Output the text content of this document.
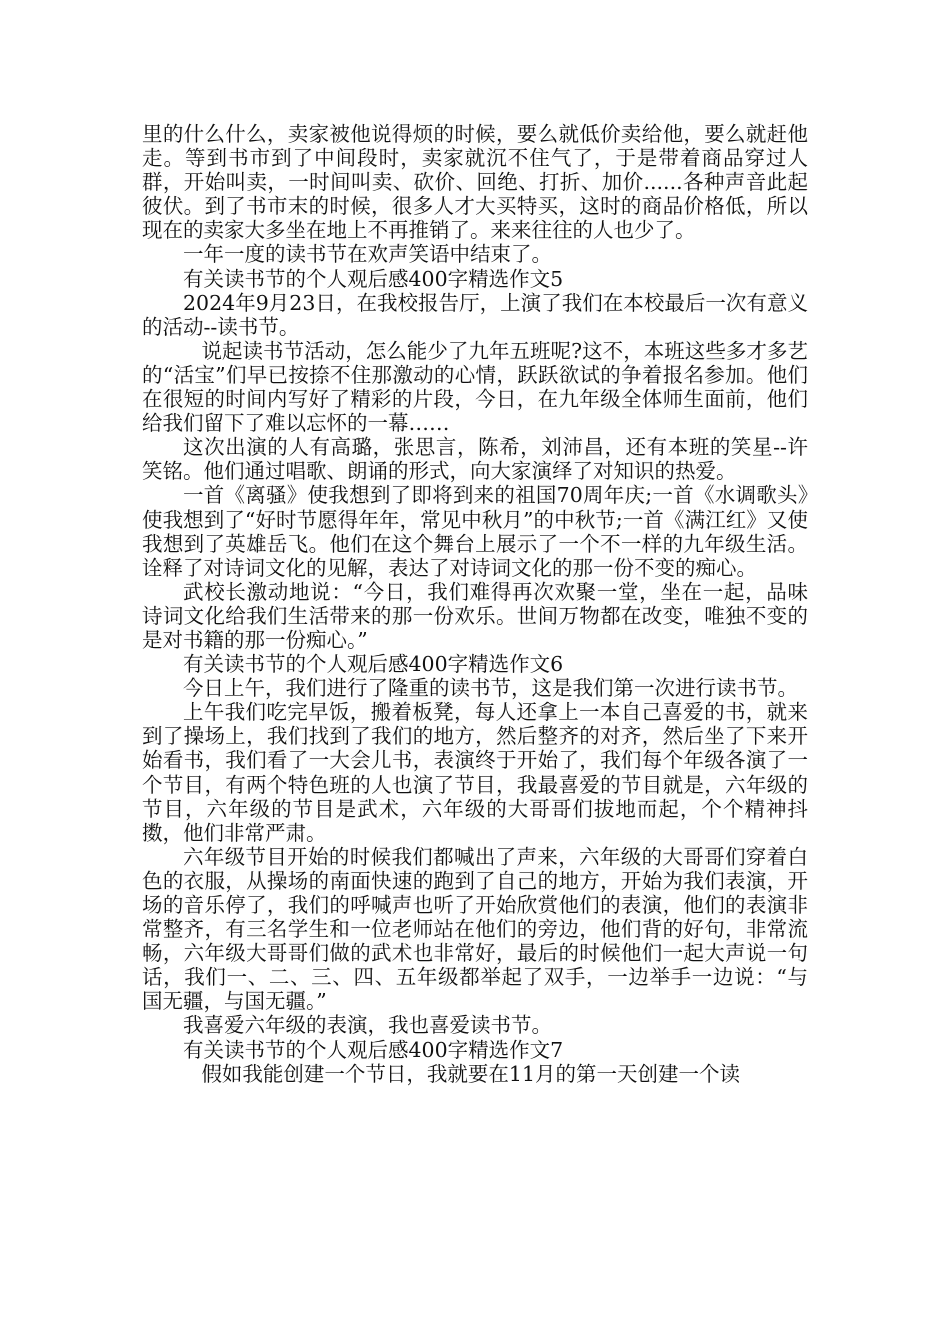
里的什么什么，卖家被他说得烦的时候，要么就低价卖给他，要么就赶他走。等到书市到了中间段时，卖家就沉不住气了，于是带着商品穿过人群，开始叫卖，一时间叫卖、砍价、回绝、打折、加价......各种声音此起彼伏。到了书市末的时候，很多人才大买特买，这时的商品价格低，所以现在的卖家大多坐在地上不再推销了。来来往往的人也少了。

一年一度的读书节在欢声笑语中结束了。

有关读书节的个人观后感400字精选作文5

2024年9月23日，在我校报告厅，上演了我们在本校最后一次有意义的活动--读书节。

说起读书节活动，怎么能少了九年五班呢?这不，本班这些多才多艺的“活宝”们早已按捺不住那激动的心情，跃跃欲试的争着报名参加。他们在很短的时间内写好了精彩的片段，今日，在九年级全体师生面前，他们给我们留下了难以忘怀的一幕……

这次出演的人有高璐，张思言，陈希，刘沛昌，还有本班的笑星--许笑铭。他们通过唱歌、朗诵的形式，向大家演绎了对知识的热爱。

一首《离骚》使我想到了即将到来的祖国70周年庆;一首《水调歌头》使我想到了“好时节愿得年年，常见中秋月”的中秋节;一首《满江红》又使我想到了英雄岳飞。他们在这个舞台上展示了一个不一样的九年级生活。诠释了对诗词文化的见解，表达了对诗词文化的那一份不变的痴心。

武校长激动地说：“今日，我们难得再次欢聚一堂，坐在一起，品味诗词文化给我们生活带来的那一份欢乐。世间万物都在改变，唯独不变的是对书籍的那一份痴心。”

有关读书节的个人观后感400字精选作文6

今日上午，我们进行了隆重的读书节，这是我们第一次进行读书节。

上午我们吃完早饭，搬着板凳，每人还拿上一本自己喜爱的书，就来到了操场上，我们找到了我们的地方，然后整齐的对齐，然后坐了下来开始看书，我们看了一大会儿书，表演终于开始了，我们每个年级各演了一个节目，有两个特色班的人也演了节目，我最喜爱的节目就是，六年级的节目，六年级的节目是武术，六年级的大哥哥们拔地而起，个个精神抖擞，他们非常严肃。

六年级节目开始的时候我们都喊出了声来，六年级的大哥哥们穿着白色的衣服，从操场的南面快速的跑到了自己的地方，开始为我们表演，开场的音乐停了，我们的呼喊声也听了开始欣赏他们的表演，他们的表演非常整齐，有三名学生和一位老师站在他们的旁边，他们背的好句，非常流畅，六年级大哥哥们做的武术也非常好，最后的时候他们一起大声说一句话，我们一、二、三、四、五年级都举起了双手，一边举手一边说：“与国无疆，与国无疆。”

我喜爱六年级的表演，我也喜爱读书节。

有关读书节的个人观后感400字精选作文7

假如我能创建一个节日，我就要在11月的第一天创建一个读
